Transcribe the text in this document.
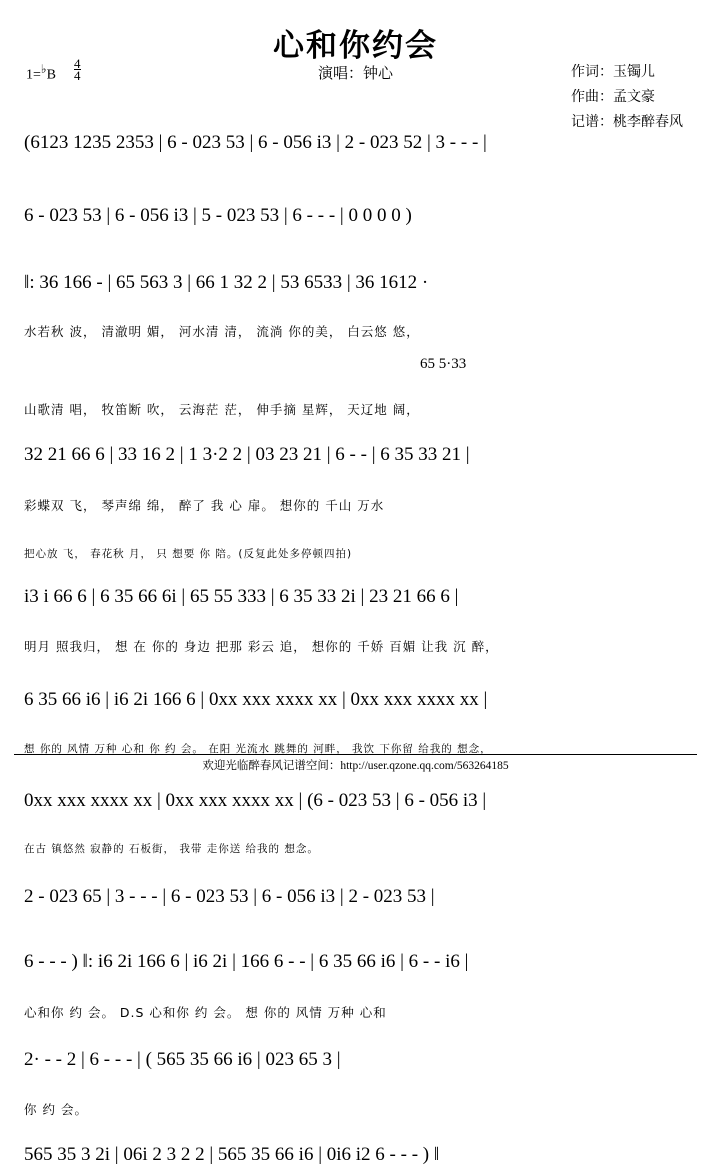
心和你约会
1=♭B $\frac{4}{4}$	演唱：钟心	作词：玉镯儿
作曲：孟文豪
记谱：桃李醉春风
(6123 1235 2353 | 6 - 023 53 | 6 - 056 i3 | 2 - 023 52 | 3 - - - |
6 - 023 53 | 6 - 056 i3 | 5 - 023 53 | 6 - - - | 0 0 0 0 )
‖: 36 166 - | 65 563 3 | 66 1 32 2 | 53 6533 | 36 1612 ·
水若秋 波， 清澈明 媚， 河水清 清， 流淌 你的美， 白云悠 悠，
65 5·33
山歌清 唱， 牧笛断 吹， 云海茫 茫， 伸手摘 星辉， 天辽地 阔，
32 21 66 6 | 33 16 2 | 1 3·2 2 | 03 23 21 | 6 - - | 6 35 33 21 |
彩蝶双 飞， 琴声绵 绵， 醉了 我 心 扉。 想你的 千山 万水
把心放 飞， 春花秋 月， 只 想要 你 陪。(反复此处多停顿四拍)
i3 i 66 6 | 6 35 66 6i | 65 55 333 | 6 35 33 2i | 23 21 66 6 |
明月 照我归， 想 在 你的 身边 把那 彩云 追， 想你的 千娇 百媚 让我 沉 醉，
6 35 66 i6 | i6 2i 166 6 | 0xx xxx xxxx xx | 0xx xxx xxxx xx |
想 你的 风情 万种 心和 你 约 会。 在阳 光流水 跳舞的 河畔， 我饮 下你留 给我的 想念，
0xx xxx xxxx xx | 0xx xxx xxxx xx | (6 - 023 53 | 6 - 056 i3 |
在古 镇悠然 寂静的 石板街， 我带 走你送 给我的 想念。
2 - 023 65 | 3 - - - | 6 - 023 53 | 6 - 056 i3 | 2 - 023 53 |
6 - - - ) ‖: i6 2i 166 6 | i6 2i | 166 6 - - | 6 35 66 i6 | 6 - - i6 |
心和你 约 会。 D.S 心和你 约 会。 想 你的 风情 万种 心和
2· - - 2 | 6 - - - | ( 565 35 66 i6 | 023 65 3 |
你 约 会。
565 35 3 2i | 06i 2 3 2 2 | 565 35 66 i6 | 0i6 i2 6 - - - ) ‖
欢迎光临醉春风记谱空间：http://user.qzone.qq.com/563264185
